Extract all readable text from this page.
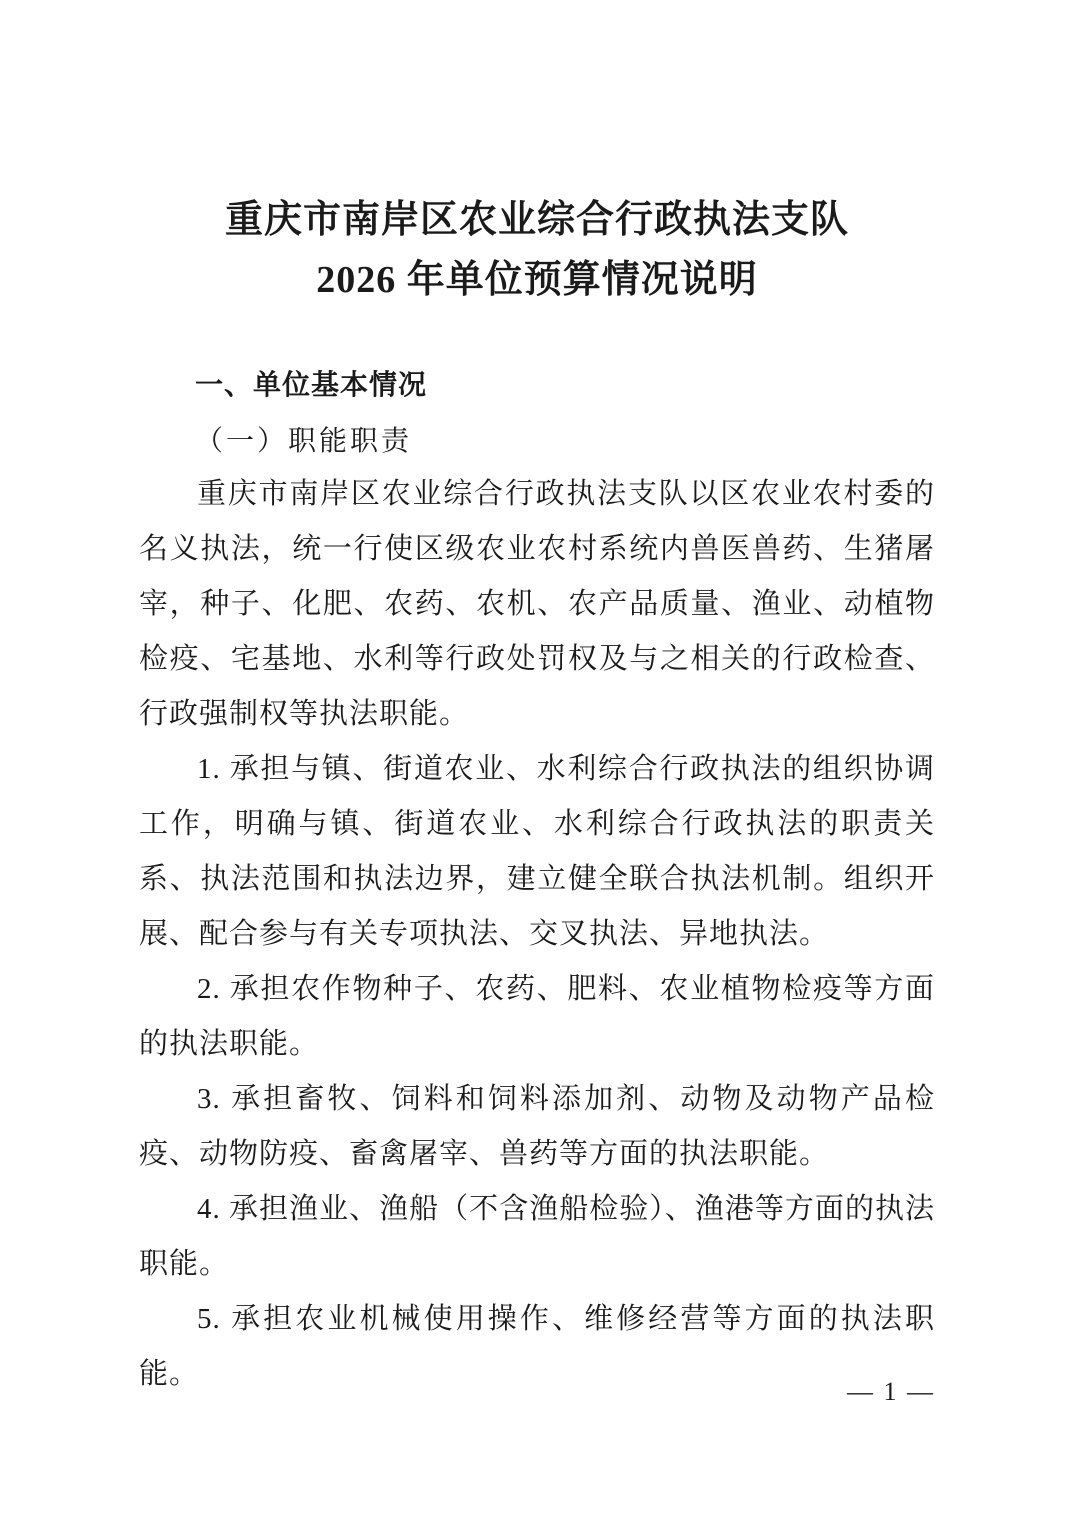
重庆市南岸区农业综合行政执法支队
2026 年单位预算情况说明
一、单位基本情况
（一）职能职责

重庆市南岸区农业综合行政执法支队以区农业农村委的名义执法，统一行使区级农业农村系统内兽医兽药、生猪屠宰，种子、化肥、农药、农机、农产品质量、渔业、动植物检疫、宅基地、水利等行政处罚权及与之相关的行政检查、行政强制权等执法职能。

1. 承担与镇、街道农业、水利综合行政执法的组织协调工作，明确与镇、街道农业、水利综合行政执法的职责关系、执法范围和执法边界，建立健全联合执法机制。组织开展、配合参与有关专项执法、交叉执法、异地执法。

2. 承担农作物种子、农药、肥料、农业植物检疫等方面的执法职能。

3. 承担畜牧、饲料和饲料添加剂、动物及动物产品检疫、动物防疫、畜禽屠宰、兽药等方面的执法职能。

4. 承担渔业、渔船（不含渔船检验）、渔港等方面的执法职能。

5. 承担农业机械使用操作、维修经营等方面的执法职能。

— 1 —
